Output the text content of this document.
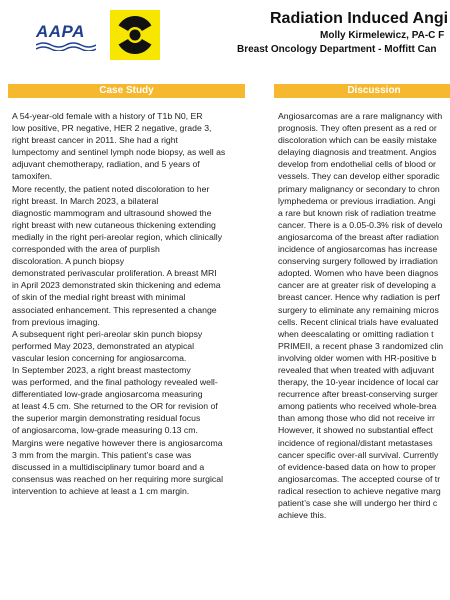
AAPA
Radiation Induced Angi
Molly Kirmelewicz, PA-C F
Breast Oncology Department - Moffitt Can
Case Study	Discussion
A 54-year-old female with a history of T1b N0, ER
low positive, PR negative, HER 2 negative, grade 3,
right breast cancer in 2011. She had a right
lumpectomy and sentinel lymph node biopsy, as well as
adjuvant chemotherapy, radiation, and 5 years of
tamoxifen.
More recently, the patient noted discoloration to her
right breast. In March 2023, a bilateral
diagnostic mammogram and ultrasound showed the
right breast with new cutaneous thickening extending
medially in the right peri-areolar region, which clinically
corresponded with the area of purplish
discoloration. A punch biopsy
demonstrated perivascular proliferation. A breast MRI
in April 2023 demonstrated skin thickening and edema
of skin of the medial right breast with minimal
associated enhancement. This represented a change
from previous imaging.
A subsequent right peri-areolar skin punch biopsy
performed May 2023, demonstrated an atypical
vascular lesion concerning for angiosarcoma.
In September 2023, a right breast mastectomy
was performed, and the final pathology revealed well-
differentiated low-grade angiosarcoma measuring
at least 4.5 cm. She returned to the OR for revision of
the superior margin demonstrating residual focus
of angiosarcoma, low-grade measuring 0.13 cm.
Margins were negative however there is angiosarcoma
3 mm from the margin. This patient’s case was
discussed in a multidisciplinary tumor board and a
consensus was reached on her requiring more surgical
intervention to achieve at least a 1 cm margin.
Angiosarcomas are a rare malignancy with
prognosis. They often present as a red or
discoloration which can be easily mistake
delaying diagnosis and treatment. Angios
develop from endothelial cells of blood or
vessels. They can develop either sporadic
primary malignancy or secondary to chron
lymphedema or previous irradiation. Angi
a rare but known risk of radiation treatme
cancer. There is a 0.05-0.3% risk of develo
angiosarcoma of the breast after radiation
incidence of angiosarcomas has increase
conserving surgery followed by irradiation
adopted. Women who have been diagnos
cancer are at greater risk of developing a
breast cancer. Hence why radiation is perf
surgery to eliminate any remaining micros
cells. Recent clinical trials have evaluated
when deescalating or omitting radiation t
PRIMEII, a recent phase 3 randomized clin
involving older women with HR-positive b
revealed that when treated with adjuvant
therapy, the 10-year incidence of local car
recurrence after breast-conserving surger
among patients who received whole-brea
than among those who did not receive irr
However, it showed no substantial effect
incidence of regional/distant metastases
cancer specific over-all survival. Currently
of evidence-based data on how to proper
angiosarcomas. The accepted course of tr
radical resection to achieve negative marg
patient’s case she will undergo her third c
achieve this.
